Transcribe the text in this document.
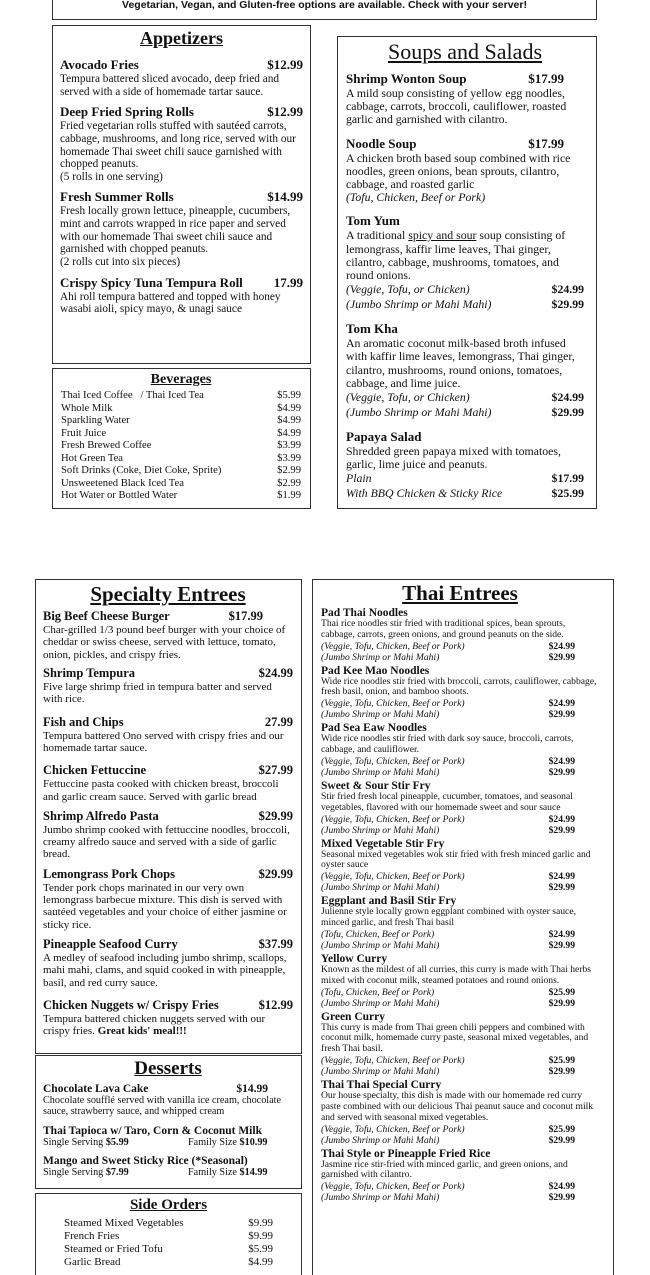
Vegetarian, Vegan, and Gluten-free options are available. Check with your server!
Appetizers
Avocado Fries	$12.99
Tempura battered sliced avocado, deep fried and served with a side of homemade tartar sauce.
Deep Fried Spring Rolls	$12.99
Fried vegetarian rolls stuffed with sautéed carrots, cabbage, mushrooms, and long rice, served with our homemade Thai sweet chili sauce garnished with chopped peanuts.
(5 rolls in one serving)
Fresh Summer Rolls	$14.99
Fresh locally grown lettuce, pineapple, cucumbers, mint and carrots wrapped in rice paper and served with our homemade Thai sweet chili sauce and garnished with chopped peanuts.
(2 rolls cut into six pieces)
Crispy Spicy Tuna Tempura Roll 17.99
Ahi roll tempura battered and topped with honey wasabi aioli, spicy mayo, & unagi sauce
Beverages
Thai Iced Coffee   / Thai Iced Tea	$5.99
Whole Milk	$4.99
Sparkling Water	$4.99
Fruit Juice	$4.99
Fresh Brewed Coffee	$3.99
Hot Green Tea	$3.99
Soft Drinks (Coke, Diet Coke, Sprite)	$2.99
Unsweetened Black Iced Tea	$2.99
Hot Water or Bottled Water	$1.99
Soups and Salads
Shrimp Wonton Soup	$17.99
A mild soup consisting of yellow egg noodles, cabbage, carrots, broccoli, cauliflower, roasted garlic and garnished with cilantro.
Noodle Soup	$17.99
A chicken broth based soup combined with rice noodles, green onions, bean sprouts, cilantro, cabbage, and roasted garlic
(Tofu, Chicken, Beef or Pork)
Tom Yum
A traditional spicy and sour soup consisting of lemongrass, kaffir lime leaves, Thai ginger, cilantro, cabbage, mushrooms, tomatoes, and round onions.
(Veggie, Tofu, or Chicken)	$24.99
(Jumbo Shrimp or Mahi Mahi)	$29.99
Tom Kha
An aromatic coconut milk-based broth infused with kaffir lime leaves, lemongrass, Thai ginger, cilantro, mushrooms, round onions, tomatoes, cabbage, and lime juice.
(Veggie, Tofu, or Chicken)	$24.99
(Jumbo Shrimp or Mahi Mahi)	$29.99
Papaya Salad
Shredded green papaya mixed with tomatoes, garlic, lime juice and peanuts.
Plain	$17.99
With BBQ Chicken & Sticky Rice	$25.99
Specialty Entrees
Big Beef Cheese Burger	$17.99
Char-grilled 1/3 pound beef burger with your choice of cheddar or swiss cheese, served with lettuce, tomato, onion, pickles, and crispy fries.
Shrimp Tempura	$24.99
Five large shrimp fried in tempura batter and served with rice.
Fish and Chips	27.99
Tempura battered Ono served with crispy fries and our homemade tartar sauce.
Chicken Fettuccine	$27.99
Fettuccine pasta cooked with chicken breast, broccoli and garlic cream sauce. Served with garlic bread
Shrimp Alfredo Pasta	$29.99
Jumbo shrimp cooked with fettuccine noodles, broccoli, creamy alfredo sauce and served with a side of garlic bread.
Lemongrass Pork Chops	$29.99
Tender pork chops marinated in our very own lemongrass barbecue mixture. This dish is served with sautéed vegetables and your choice of either jasmine or sticky rice.
Pineapple Seafood Curry	$37.99
A medley of seafood including jumbo shrimp, scallops, mahi mahi, clams, and squid cooked in with pineapple, basil, and red curry sauce.
Chicken Nuggets w/ Crispy Fries	$12.99
Tempura battered chicken nuggets served with our crispy fries. Great kids' meal!!!
Desserts
Chocolate Lava Cake	$14.99
Chocolate soufflé served with vanilla ice cream, chocolate sauce, strawberry sauce, and whipped cream
Thai Tapioca w/ Taro, Corn & Coconut Milk
Single Serving $5.99	Family Size $10.99
Mango and Sweet Sticky Rice (*Seasonal)
Single Serving $7.99	Family Size $14.99
Side Orders
Steamed Mixed Vegetables	$9.99
French Fries	$9.99
Steamed or Fried Tofu	$5.99
Garlic Bread	$4.99
Thai Entrees
Pad Thai Noodles
Thai rice noodles stir fried with traditional spices, bean sprouts, cabbage, carrots, green onions, and ground peanuts on the side.
(Veggie, Tofu, Chicken, Beef or Pork)	$24.99
(Jumbo Shrimp or Mahi Mahi)	$29.99
Pad Kee Mao Noodles
Wide rice noodles stir fried with broccoli, carrots, cauliflower, cabbage, fresh basil, onion, and bamboo shoots.
(Veggie, Tofu, Chicken, Beef or Pork)	$24.99
(Jumbo Shrimp or Mahi Mahi)	$29.99
Pad Sea Eaw Noodles
Wide rice noodles stir fried with dark soy sauce, broccoli, carrots, cabbage, and cauliflower.
(Veggie, Tofu, Chicken, Beef or Pork)	$24.99
(Jumbo Shrimp or Mahi Mahi)	$29.99
Sweet & Sour Stir Fry
Stir fried fresh local pineapple, cucumber, tomatoes, and seasonal vegetables, flavored with our homemade sweet and sour sauce
(Veggie, Tofu, Chicken, Beef or Pork)	$24.99
(Jumbo Shrimp or Mahi Mahi)	$29.99
Mixed Vegetable Stir Fry
Seasonal mixed vegetables wok stir fried with fresh minced garlic and oyster sauce
(Veggie, Tofu, Chicken, Beef or Pork)	$24.99
(Jumbo Shrimp or Mahi Mahi)	$29.99
Eggplant and Basil Stir Fry
Julienne style locally grown eggplant combined with oyster sauce, minced garlic, and fresh Thai basil
(Tofu, Chicken, Beef or Pork)	$24.99
(Jumbo Shrimp or Mahi Mahi)	$29.99
Yellow Curry
Known as the mildest of all curries, this curry is made with Thai herbs mixed with coconut milk, steamed potatoes and round onions.
(Tofu, Chicken, Beef or Pork)	$25.99
(Jumbo Shrimp or Mahi Mahi)	$29.99
Green Curry
This curry is made from Thai green chili peppers and combined with coconut milk, homemade curry paste, seasonal mixed vegetables, and fresh Thai basil.
(Veggie, Tofu, Chicken, Beef or Pork)	$25.99
(Jumbo Shrimp or Mahi Mahi)	$29.99
Thai Thai Special Curry
Our house specialty, this dish is made with our homemade red curry paste combined with our delicious Thai peanut sauce and coconut milk and served with seasonal mixed vegetables.
(Veggie, Tofu, Chicken, Beef or Pork)	$25.99
(Jumbo Shrimp or Mahi Mahi)	$29.99
Thai Style or Pineapple Fried Rice
Jasmine rice stir-fried with minced garlic, and green onions, and garnished with cilantro.
(Veggie, Tofu, Chicken, Beef or Pork)	$24.99
(Jumbo Shrimp or Mahi Mahi)	$29.99
